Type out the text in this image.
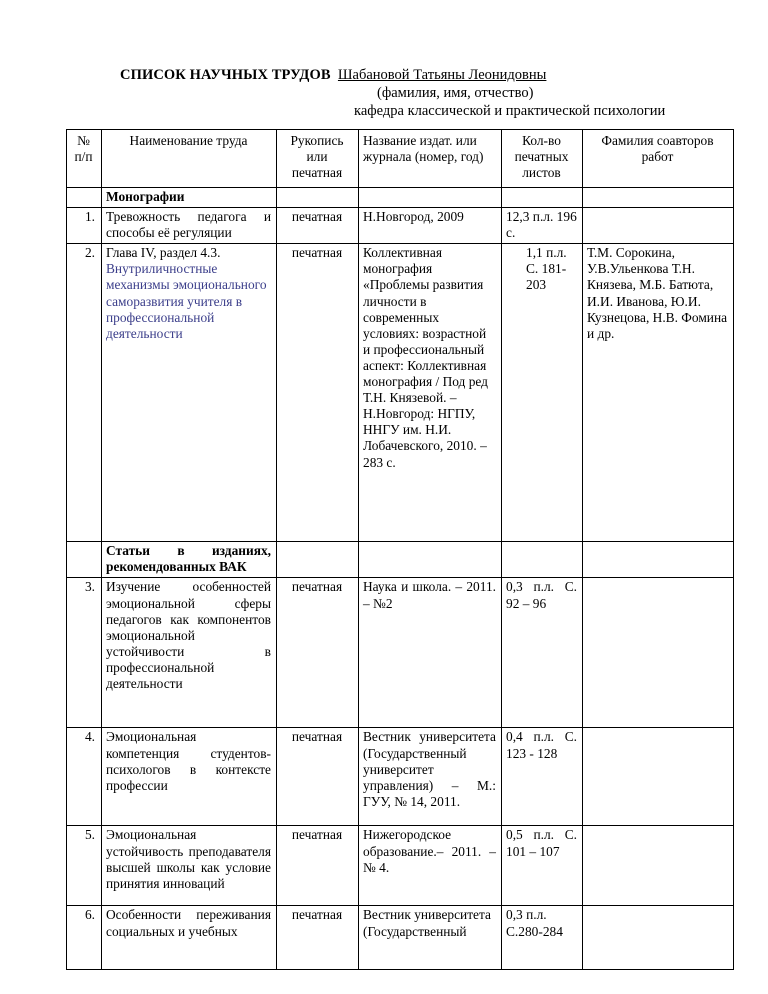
СПИСОК НАУЧНЫХ ТРУДОВ Шабановой Татьяны Леонидовны
(фамилия, имя, отчество)
кафедра классической и практической психологии
№ п/п	Наименование труда	Рукопись или печатная	Название издат. или журнала (номер, год)	Кол-во печатных листов	Фамилия соавторов работ
	Монографии				
1.	Тревожность педагога и способы её регуляции	печатная	Н.Новгород, 2009	12,3 п.л. 196 с.	
2.	Глава IV, раздел 4.3.
Внутриличностные механизмы эмоционального саморазвития учителя в профессиональной деятельности	печатная	Коллективная монография «Проблемы развития личности в современных условиях: возрастной и профессиональный аспект: Коллективная монография / Под ред Т.Н. Князевой. – Н.Новгород: НГПУ, ННГУ им. Н.И. Лобачевского, 2010. – 283 с.	1,1 п.л. С. 181-203	Т.М. Сорокина, У.В.Ульенкова Т.Н. Князева, М.Б. Батюта, И.И. Иванова, Ю.И. Кузнецова, Н.В. Фомина и др.
	Статьи в изданиях, рекомендованных ВАК				
3.	Изучение особенностей эмоциональной сферы педагогов как компонентов эмоциональной устойчивости в профессиональной деятельности	печатная	Наука и школа. – 2011. – №2	0,3 п.л. С. 92 – 96	
4.	Эмоциональная компетенция студентов-психологов в контексте профессии	печатная	Вестник университета (Государственный университет управления) – М.: ГУУ, № 14, 2011.	0,4 п.л. С. 123 - 128	
5.	Эмоциональная устойчивость преподавателя высшей школы как условие принятия инноваций	печатная	Нижегородское образование.– 2011. – № 4.	0,5 п.л. С. 101 – 107	
6.	Особенности переживания социальных и учебных	печатная	Вестник университета (Государственный	0,3 п.л. С.280-284	
